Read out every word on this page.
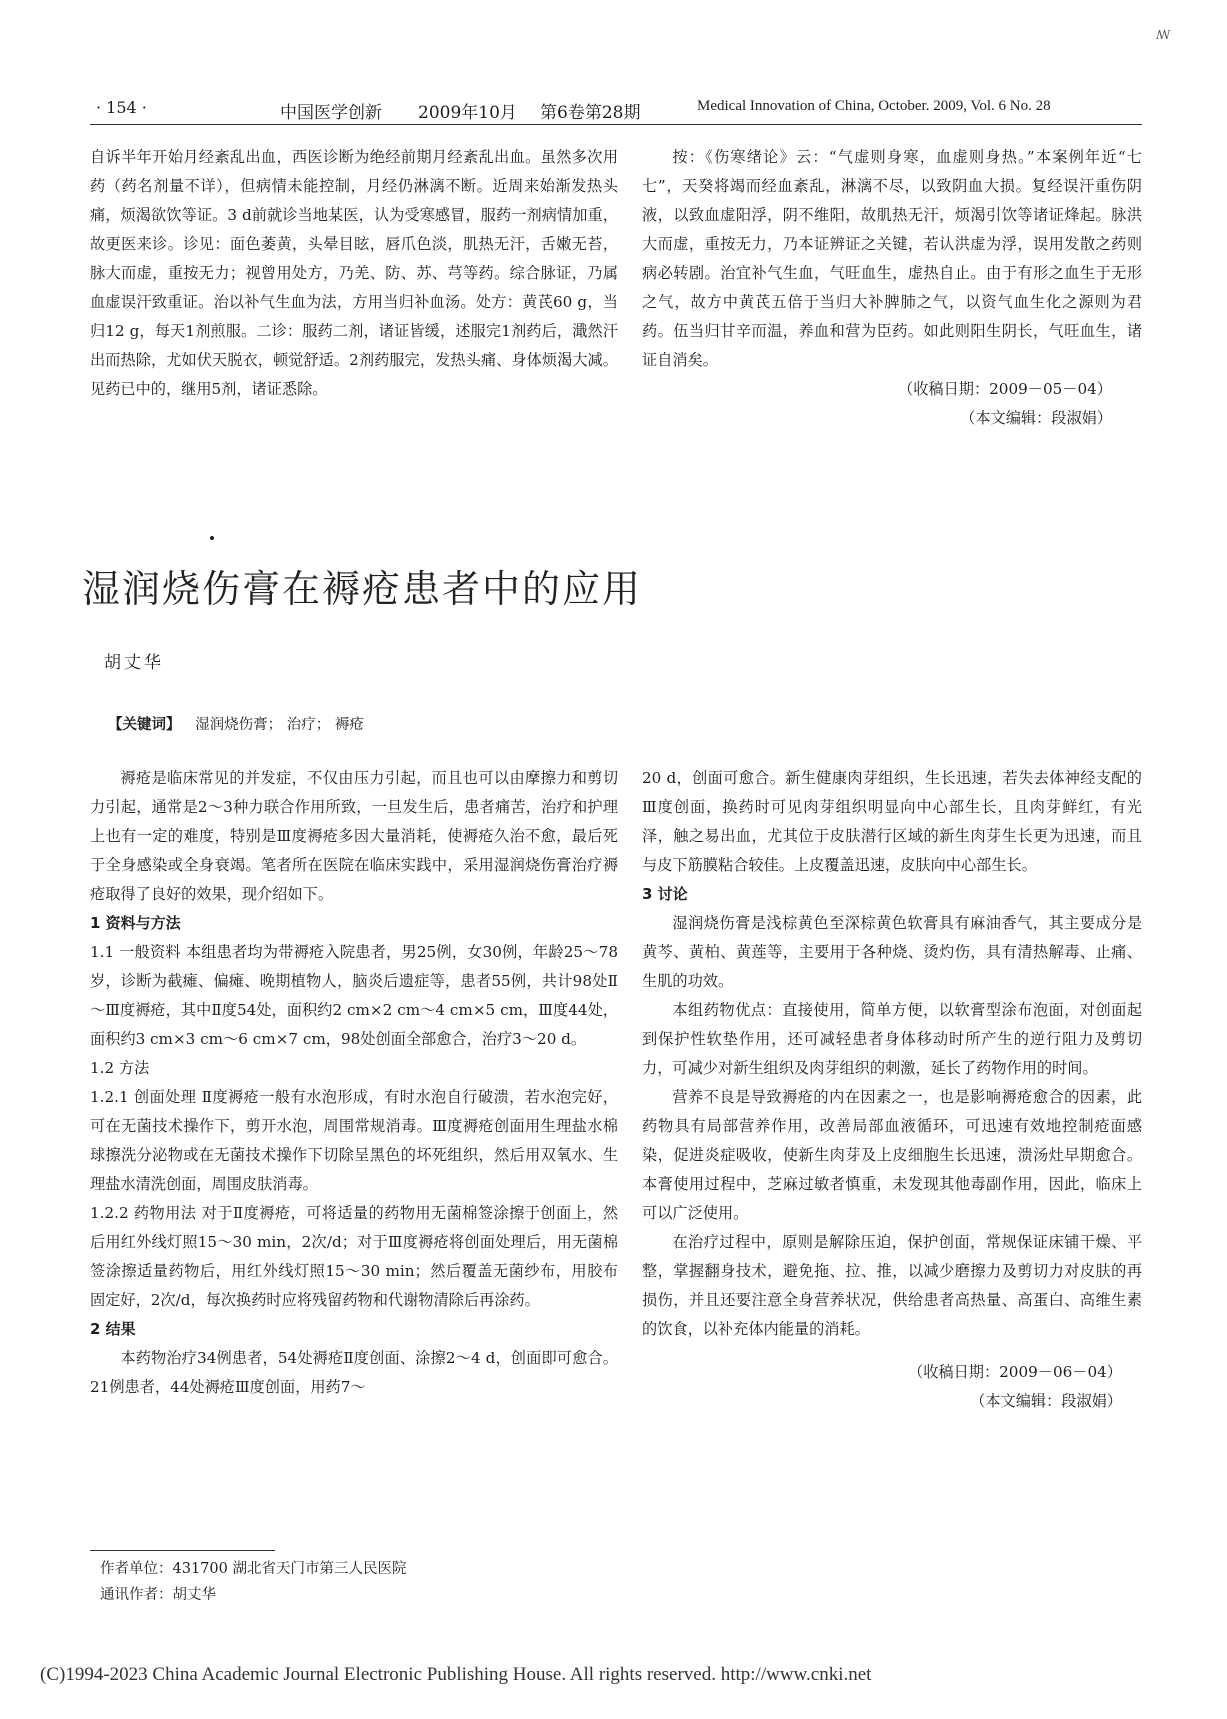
· 154 ·	中国医学创新 2009年10月 第6卷第28期	Medical Innovation of China, October. 2009, Vol. 6 No. 28

自诉半年开始月经紊乱出血，西医诊断为绝经前期月经紊乱出血。虽然多次用药（药名剂量不详），但病情未能控制，月经仍淋漓不断。近周来始渐发热头痛，烦渴欲饮等证。3 d前就诊当地某医，认为受寒感冒，服药一剂病情加重，故更医来诊。诊见：面色萎黄，头晕目眩，唇爪色淡，肌热无汗，舌嫩无苔，脉大而虚，重按无力；视曾用处方，乃羌、防、苏、芎等药。综合脉证，乃属血虚误汗致重证。治以补气生血为法，方用当归补血汤。处方：黄芪60 g，当归12 g，每天1剂煎服。二诊：服药二剂，诸证皆缓，述服完1剂药后，濈然汗出而热除，尤如伏天脱衣，顿觉舒适。2剂药服完，发热头痛、身体烦渴大减。见药已中的，继用5剂，诸证悉除。

按：《伤寒绪论》云：“气虚则身寒，血虚则身热。”本案例年近“七七”，天癸将竭而经血紊乱，淋漓不尽，以致阴血大损。复经误汗重伤阴液，以致血虚阳浮，阴不维阳，故肌热无汗，烦渴引饮等诸证烽起。脉洪大而虚，重按无力，乃本证辨证之关键，若认洪虚为浮，误用发散之药则病必转剧。治宜补气生血，气旺血生，虚热自止。由于有形之血生于无形之气，故方中黄芪五倍于当归大补脾肺之气，以资气血生化之源则为君药。伍当归甘辛而温，养血和营为臣药。如此则阳生阴长，气旺血生，诸证自消矣。

（收稿日期：2009－05－04）

（本文编辑：段淑娟）

湿润烧伤膏在褥疮患者中的应用
胡丈华
【关键词】 湿润烧伤膏； 治疗； 褥疮

褥疮是临床常见的并发症，不仅由压力引起，而且也可以由摩擦力和剪切力引起，通常是2～3种力联合作用所致，一旦发生后，患者痛苦，治疗和护理上也有一定的难度，特别是Ⅲ度褥疮多因大量消耗，使褥疮久治不愈，最后死于全身感染或全身衰竭。笔者所在医院在临床实践中，采用湿润烧伤膏治疗褥疮取得了良好的效果，现介绍如下。

1 资料与方法

1.1 一般资料 本组患者均为带褥疮入院患者，男25例，女30例，年龄25～78岁，诊断为截瘫、偏瘫、晚期植物人，脑炎后遗症等，患者55例，共计98处Ⅱ～Ⅲ度褥疮，其中Ⅱ度54处，面积约2 cm×2 cm～4 cm×5 cm，Ⅲ度44处，面积约3 cm×3 cm～6 cm×7 cm，98处创面全部愈合，治疗3～20 d。

1.2 方法

1.2.1 创面处理 Ⅱ度褥疮一般有水泡形成，有时水泡自行破溃，若水泡完好，可在无菌技术操作下，剪开水泡，周围常规消毒。Ⅲ度褥疮创面用生理盐水棉球擦洗分泌物或在无菌技术操作下切除呈黑色的坏死组织，然后用双氧水、生理盐水清洗创面，周围皮肤消毒。

1.2.2 药物用法 对于Ⅱ度褥疮，可将适量的药物用无菌棉签涂擦于创面上，然后用红外线灯照15～30 min，2次/d；对于Ⅲ度褥疮将创面处理后，用无菌棉签涂擦适量药物后，用红外线灯照15～30 min；然后覆盖无菌纱布，用胶布固定好，2次/d，每次换药时应将残留药物和代谢物清除后再涂药。

2 结果

本药物治疗34例患者，54处褥疮Ⅱ度创面、涂擦2～4 d，创面即可愈合。21例患者，44处褥疮Ⅲ度创面，用药7～

作者单位：431700 湖北省天门市第三人民医院
通讯作者：胡丈华

20 d，创面可愈合。新生健康肉芽组织，生长迅速，若失去体神经支配的Ⅲ度创面，换药时可见肉芽组织明显向中心部生长，且肉芽鲜红，有光泽，触之易出血，尤其位于皮肤潜行区域的新生肉芽生长更为迅速，而且与皮下筋膜粘合较佳。上皮覆盖迅速，皮肤向中心部生长。

3 讨论

湿润烧伤膏是浅棕黄色至深棕黄色软膏具有麻油香气，其主要成分是黄芩、黄柏、黄莲等，主要用于各种烧、烫灼伤，具有清热解毒、止痛、生肌的功效。

本组药物优点：直接使用，简单方便，以软膏型涂布泡面，对创面起到保护性软垫作用，还可减轻患者身体移动时所产生的逆行阻力及剪切力，可减少对新生组织及肉芽组织的刺激，延长了药物作用的时间。

营养不良是导致褥疮的内在因素之一，也是影响褥疮愈合的因素，此药物具有局部营养作用，改善局部血液循环，可迅速有效地控制疮面感染，促进炎症吸收，使新生肉芽及上皮细胞生长迅速，溃汤灶早期愈合。本膏使用过程中，芝麻过敏者慎重，未发现其他毒副作用，因此，临床上可以广泛使用。

在治疗过程中，原则是解除压迫，保护创面，常规保证床铺干燥、平整，掌握翻身技术，避免拖、拉、推，以减少磨擦力及剪切力对皮肤的再损伤，并且还要注意全身营养状况，供给患者高热量、高蛋白、高维生素的饮食，以补充体内能量的消耗。

（收稿日期：2009－06－04）

（本文编辑：段淑娟）

(C)1994-2023 China Academic Journal Electronic Publishing House. All rights reserved. http://www.cnki.net
ꟿ
